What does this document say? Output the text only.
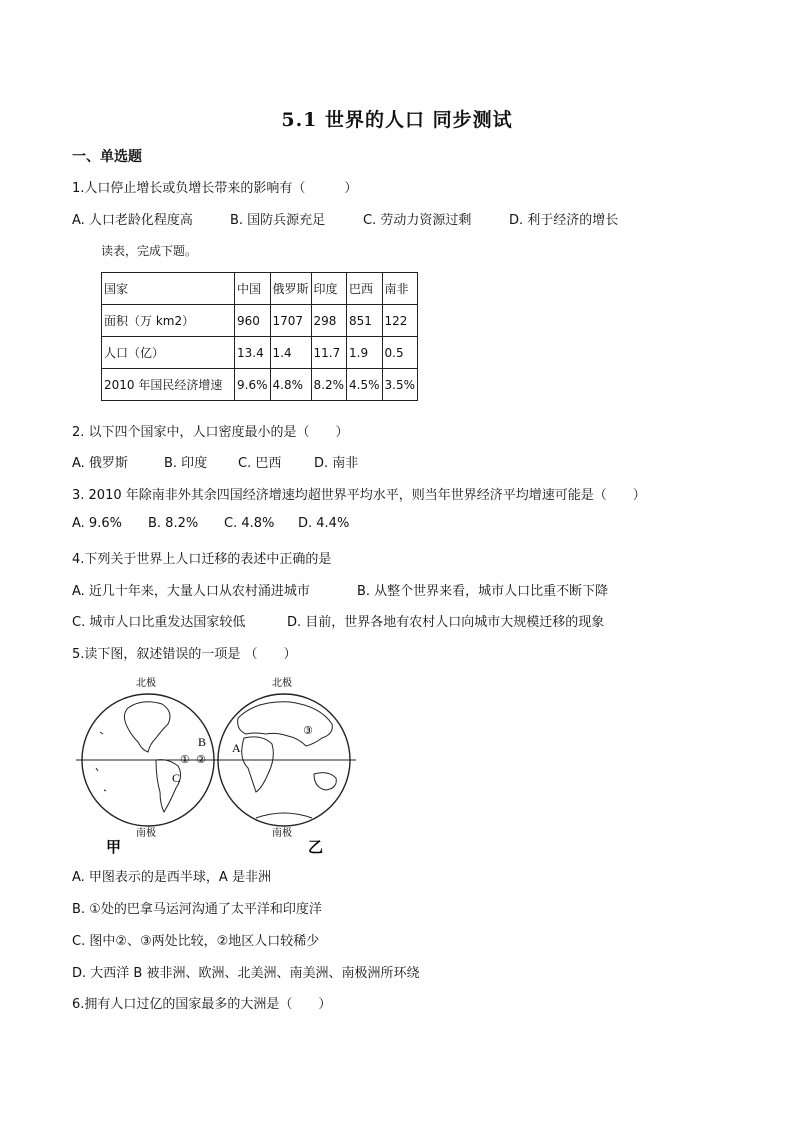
5.1 世界的人口 同步测试
一、单选题
1.人口停止增长或负增长带来的影响有（　　　）
A. 人口老龄化程度高	B. 国防兵源充足	C. 劳动力资源过剩	D. 利于经济的增长
读表，完成下题。
国家	中国	俄罗斯	印度	巴西	南非
面积（万 km2）	960	1707	298	851	122
人口（亿）	13.4	1.4	11.7	1.9	0.5
2010 年国民经济增速	9.6%	4.8%	8.2%	4.5%	3.5%
2. 以下四个国家中，人口密度最小的是（　　）
A. 俄罗斯	B. 印度 C. 巴西	D. 南非
3. 2010 年除南非外其余四国经济增速均超世界平均水平，则当年世界经济平均增速可能是（　　）
A. 9.6% B. 8.2% C. 4.8% D. 4.4%
4.下列关于世界上人口迁移的表述中正确的是
A. 近几十年来，大量人口从农村涌进城市	B. 从整个世界来看，城市人口比重不断下降
C. 城市人口比重发达国家较低	D. 目前，世界各地有农村人口向城市大规模迁移的现象
5.读下图，叙述错误的一项是 （　　）
北极
南极
B
C
① ②
甲
北极
南极
A
③
乙
A. 甲图表示的是西半球，A 是非洲
B. ①处的巴拿马运河沟通了太平洋和印度洋
C. 图中②、③两处比较，②地区人口较稀少
D. 大西洋 B 被非洲、欧洲、北美洲、南美洲、南极洲所环绕
6.拥有人口过亿的国家最多的大洲是（　　）
